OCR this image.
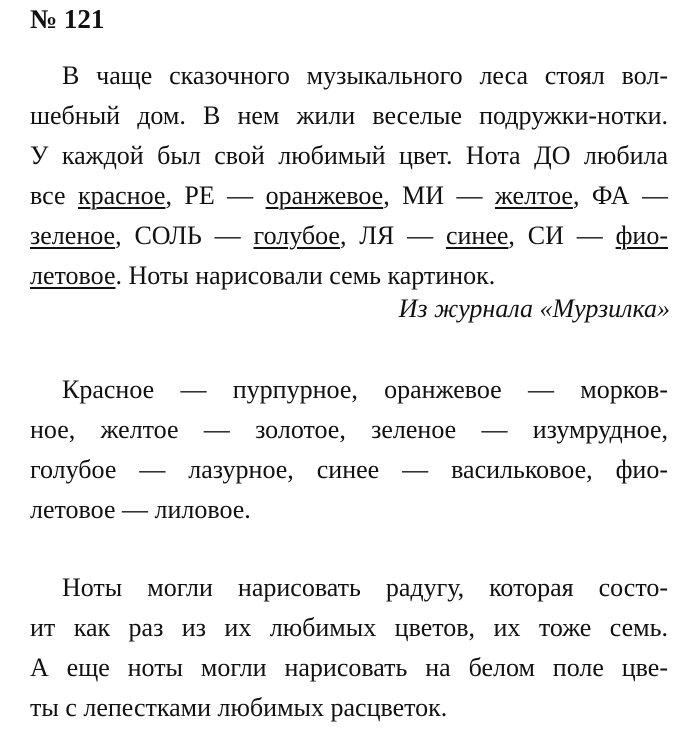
№ 121
В чаще сказочного музыкального леса стоял вол-
шебный дом. В нем жили веселые подружки-нотки.
У каждой был свой любимый цвет. Нота ДО любила
все красное, РЕ — оранжевое, МИ — желтое, ФА —
зеленое, СОЛЬ — голубое, ЛЯ — синее, СИ — фио-
летовое. Ноты нарисовали семь картинок.
Из журнала «Мурзилка»
Красное — пурпурное, оранжевое — морков-
ное, желтое — золотое, зеленое — изумрудное,
голубое — лазурное, синее — васильковое, фио-
летовое — лиловое.
Ноты могли нарисовать радугу, которая состо-
ит как раз из их любимых цветов, их тоже семь.
А еще ноты могли нарисовать на белом поле цве-
ты с лепестками любимых расцветок.
